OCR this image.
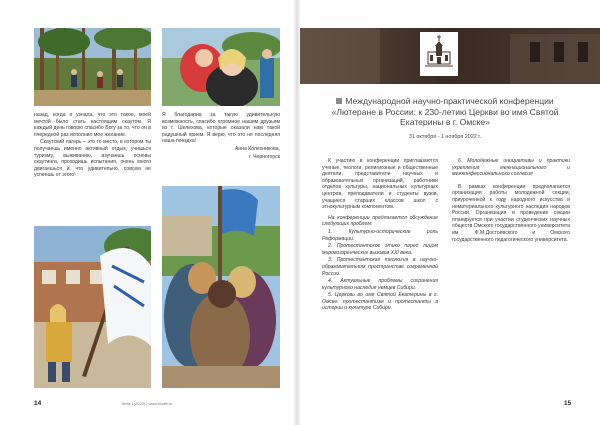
назад, когда я узнала, что это такое, моей мечтой было стать настоящим скаутом. Я каждый день говорю спасибо Богу за то, что он в очередной раз исполнил мое желание.

Скаутский лагерь – это то место, в котором ты получаешь именно активный отдых, учишься туризму, выживанию, изучаешь основы скаутинга, проходишь испытания, очень много двигаешься и, что удивительно, совсем не успеешь от этого!

Я благодарна за такую удивительную возможность, спасибо огромное нашим друзьям из г. Шелехова, которые оказали нам такой радушный прием. Я верю, что это не последняя наша поездка!

Анна Колесникова,

г. Черногорск

14	Лета 1(2022) | www.elcafr.ru
Международной научно-практической конференции «Лютеране в России: к 230-летию Церкви во имя Святой Екатерины в г. Омске»
31 октября - 1 ноября 2022 г.

К участию в конференции приглашаются ученые, теологи, религиозные и общественные деятели, представители научных и образовательных организаций, работники отделов культуры, национальных культурных центров, преподаватели и студенты вузов, учащиеся старших классов школ с этнокультурным компонентом.

На конференции предлагается обсуждение следующих проблем:

1. Культурно-исторические роль Реформации.

2. Протестантское этико перед лицом мировоззренческих вызовов XXI века.

3. Протестантская теология в научно-образовательном пространстве современной России.

4. Актуальные проблемы сохранения культурного наследия немцев Сибири.

5. Церковь во имя Святой Екатерины в г. Омске: протестантизм и протестанты в истории и культуре Сибири.

6. Молодежные инициативы и практики укрепления межнационального и межконфессионального согласия

В рамках конференции предполагается организация работы молодежной секции, приуроченной к году народного искусства и нематериального культурного наследия народов России. Организация и проведение секции планируется при участии студенческих научных обществ Омского государственного университета им. Ф.М.Достоевского и Омского государственного педагогического университета.

15
